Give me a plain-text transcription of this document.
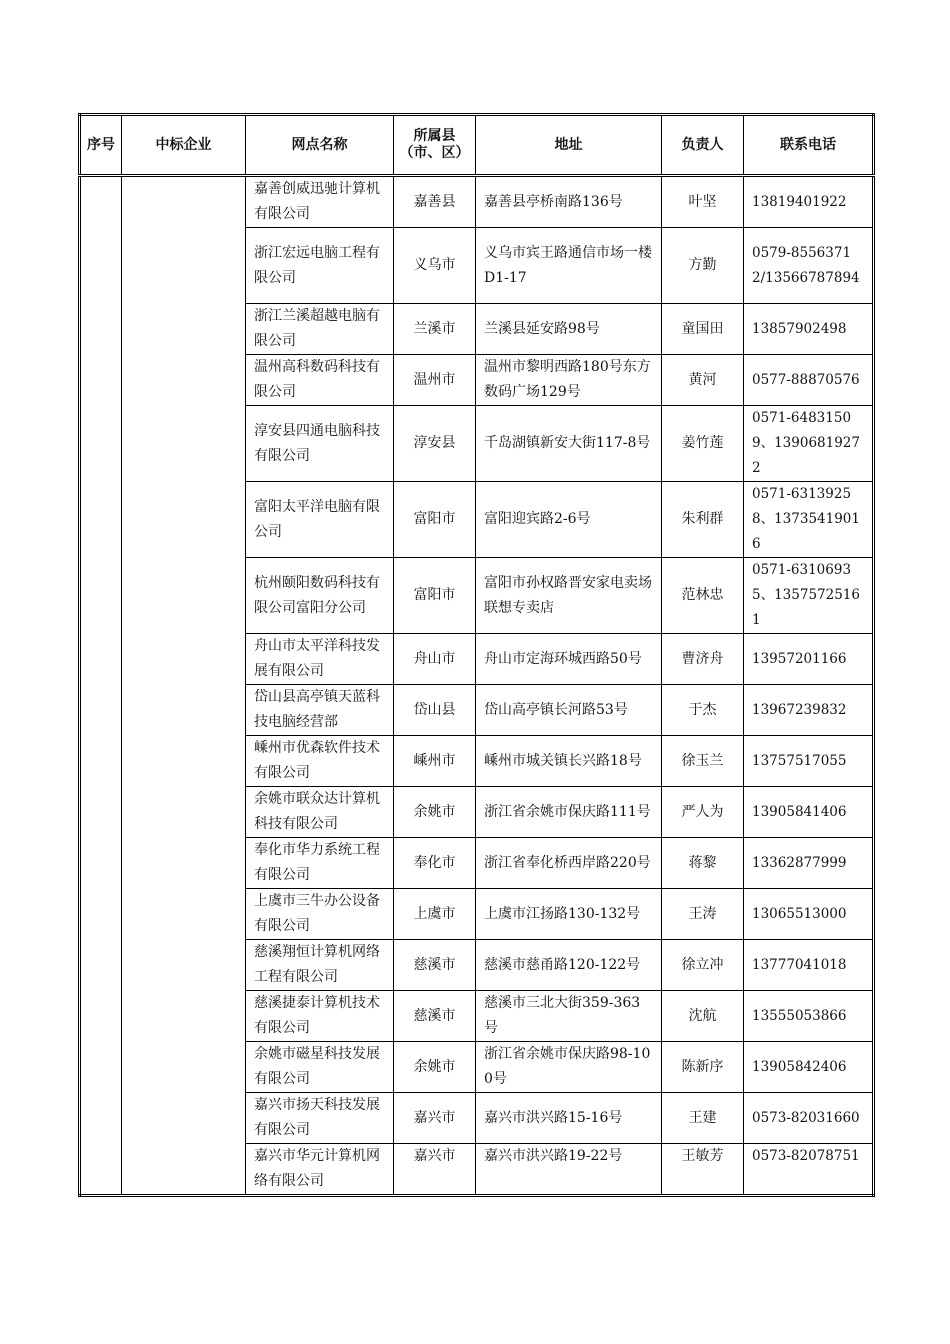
序号	中标企业	网点名称	所属县（市、区）	地址	负责人	联系电话
		嘉善创威迅驰计算机有限公司	嘉善县	嘉善县亭桥南路136号	叶坚	13819401922
		浙江宏远电脑工程有限公司	义乌市	义乌市宾王路通信市场一楼D1-17	方勤	0579-85563712/13566787894
		浙江兰溪超越电脑有限公司	兰溪市	兰溪县延安路98号	童国田	13857902498
		温州高科数码科技有限公司	温州市	温州市黎明西路180号东方数码广场129号	黄河	0577-88870576
		淳安县四通电脑科技有限公司	淳安县	千岛湖镇新安大街117-8号	姜竹莲	0571-64831509、13906819272
		富阳太平洋电脑有限公司	富阳市	富阳迎宾路2-6号	朱利群	0571-63139258、13735419016
		杭州颐阳数码科技有限公司富阳分公司	富阳市	富阳市孙权路晋安家电卖场联想专卖店	范林忠	0571-63106935、13575725161
		舟山市太平洋科技发展有限公司	舟山市	舟山市定海环城西路50号	曹济舟	13957201166
		岱山县高亭镇天蓝科技电脑经营部	岱山县	岱山高亭镇长河路53号	于杰	13967239832
		嵊州市优森软件技术有限公司	嵊州市	嵊州市城关镇长兴路18号	徐玉兰	13757517055
		余姚市联众达计算机科技有限公司	余姚市	浙江省余姚市保庆路111号	严人为	13905841406
		奉化市华力系统工程有限公司	奉化市	浙江省奉化桥西岸路220号	蒋黎	13362877999
		上虞市三牛办公设备有限公司	上虞市	上虞市江扬路130-132号	王涛	13065513000
		慈溪翔恒计算机网络工程有限公司	慈溪市	慈溪市慈甬路120-122号	徐立冲	13777041018
		慈溪捷泰计算机技术有限公司	慈溪市	慈溪市三北大街359-363号	沈航	13555053866
		余姚市磁星科技发展有限公司	余姚市	浙江省余姚市保庆路98-100号	陈新序	13905842406
		嘉兴市扬天科技发展有限公司	嘉兴市	嘉兴市洪兴路15-16号	王建	0573-82031660
		嘉兴市华元计算机网络有限公司	嘉兴市	嘉兴市洪兴路19-22号	王敏芳	0573-82078751
